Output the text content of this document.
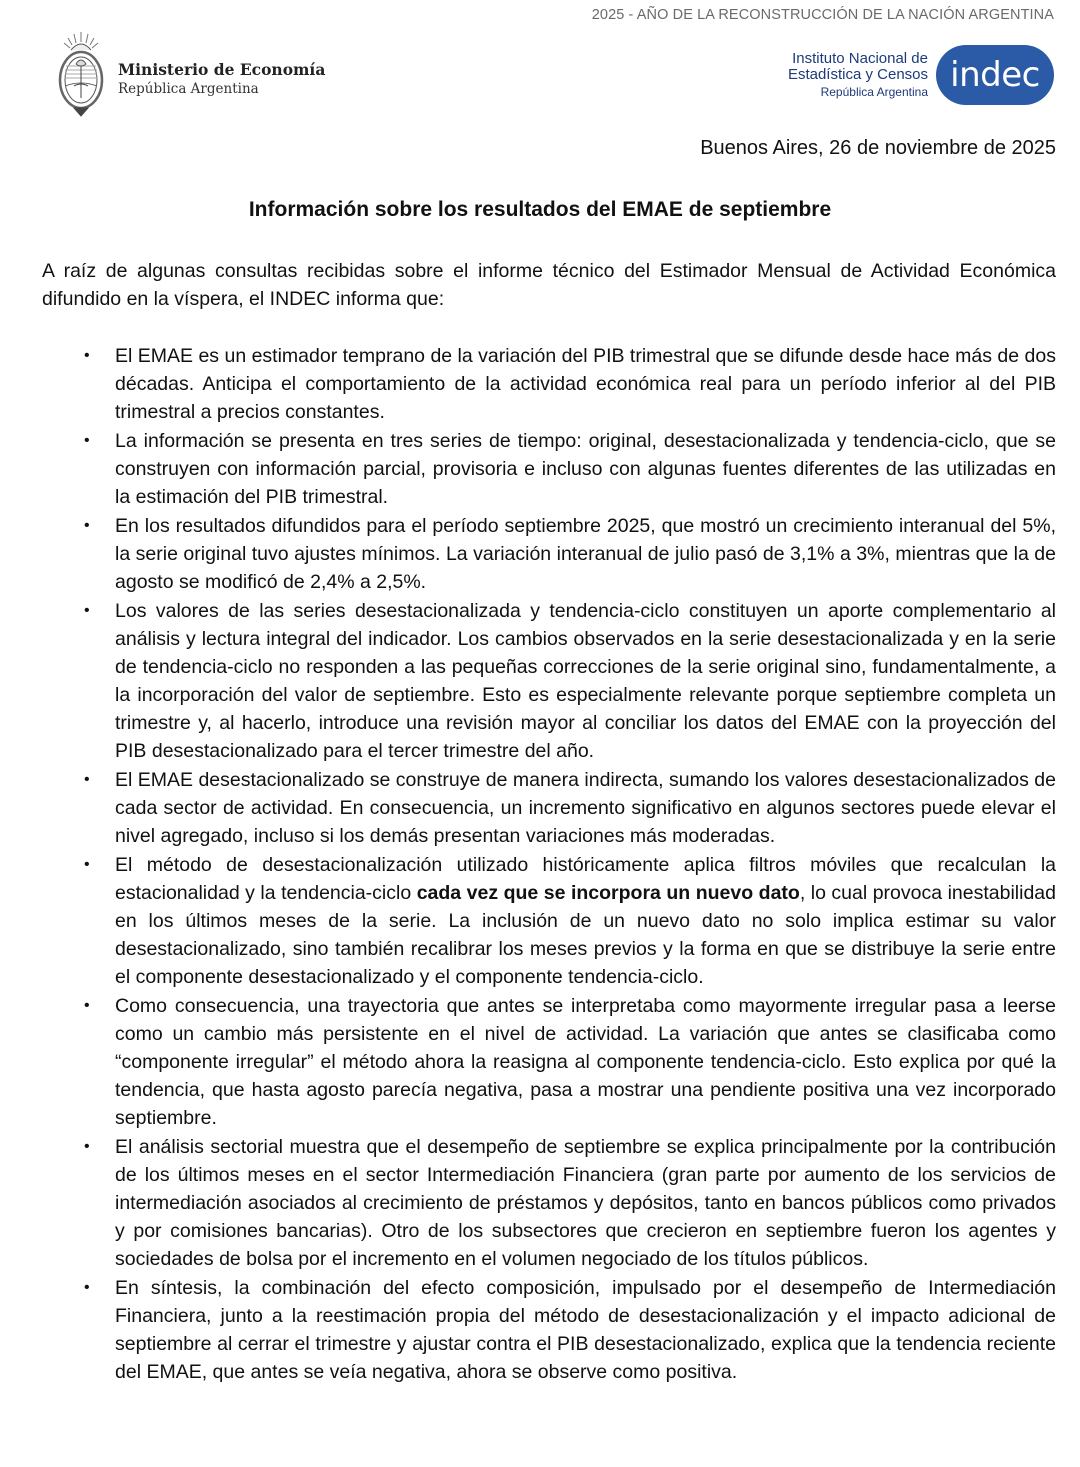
2025 - AÑO DE LA RECONSTRUCCIÓN DE LA NACIÓN ARGENTINA
Ministerio de Economía
República Argentina
Instituto Nacional de
Estadística y Censos
República Argentina indec
Buenos Aires, 26 de noviembre de 2025
Información sobre los resultados del EMAE de septiembre
A raíz de algunas consultas recibidas sobre el informe técnico del Estimador Mensual de Actividad Económica difundido en la víspera, el INDEC informa que:
• El EMAE es un estimador temprano de la variación del PIB trimestral que se difunde desde hace más de dos décadas. Anticipa el comportamiento de la actividad económica real para un período inferior al del PIB trimestral a precios constantes.
• La información se presenta en tres series de tiempo: original, desestacionalizada y tendencia-ciclo, que se construyen con información parcial, provisoria e incluso con algunas fuentes diferentes de las utilizadas en la estimación del PIB trimestral.
• En los resultados difundidos para el período septiembre 2025, que mostró un crecimiento interanual del 5%, la serie original tuvo ajustes mínimos. La variación interanual de julio pasó de 3,1% a 3%, mientras que la de agosto se modificó de 2,4% a 2,5%.
• Los valores de las series desestacionalizada y tendencia-ciclo constituyen un aporte complementario al análisis y lectura integral del indicador. Los cambios observados en la serie desestacionalizada y en la serie de tendencia-ciclo no responden a las pequeñas correcciones de la serie original sino, fundamentalmente, a la incorporación del valor de septiembre. Esto es especialmente relevante porque septiembre completa un trimestre y, al hacerlo, introduce una revisión mayor al conciliar los datos del EMAE con la proyección del PIB desestacionalizado para el tercer trimestre del año.
• El EMAE desestacionalizado se construye de manera indirecta, sumando los valores desestacionalizados de cada sector de actividad. En consecuencia, un incremento significativo en algunos sectores puede elevar el nivel agregado, incluso si los demás presentan variaciones más moderadas.
• El método de desestacionalización utilizado históricamente aplica filtros móviles que recalculan la estacionalidad y la tendencia-ciclo cada vez que se incorpora un nuevo dato, lo cual provoca inestabilidad en los últimos meses de la serie. La inclusión de un nuevo dato no solo implica estimar su valor desestacionalizado, sino también recalibrar los meses previos y la forma en que se distribuye la serie entre el componente desestacionalizado y el componente tendencia-ciclo.
• Como consecuencia, una trayectoria que antes se interpretaba como mayormente irregular pasa a leerse como un cambio más persistente en el nivel de actividad. La variación que antes se clasificaba como “componente irregular” el método ahora la reasigna al componente tendencia-ciclo. Esto explica por qué la tendencia, que hasta agosto parecía negativa, pasa a mostrar una pendiente positiva una vez incorporado septiembre.
• El análisis sectorial muestra que el desempeño de septiembre se explica principalmente por la contribución de los últimos meses en el sector Intermediación Financiera (gran parte por aumento de los servicios de intermediación asociados al crecimiento de préstamos y depósitos, tanto en bancos públicos como privados y por comisiones bancarias). Otro de los subsectores que crecieron en septiembre fueron los agentes y sociedades de bolsa por el incremento en el volumen negociado de los títulos públicos.
• En síntesis, la combinación del efecto composición, impulsado por el desempeño de Intermediación Financiera, junto a la reestimación propia del método de desestacionalización y el impacto adicional de septiembre al cerrar el trimestre y ajustar contra el PIB desestacionalizado, explica que la tendencia reciente del EMAE, que antes se veía negativa, ahora se observe como positiva.
